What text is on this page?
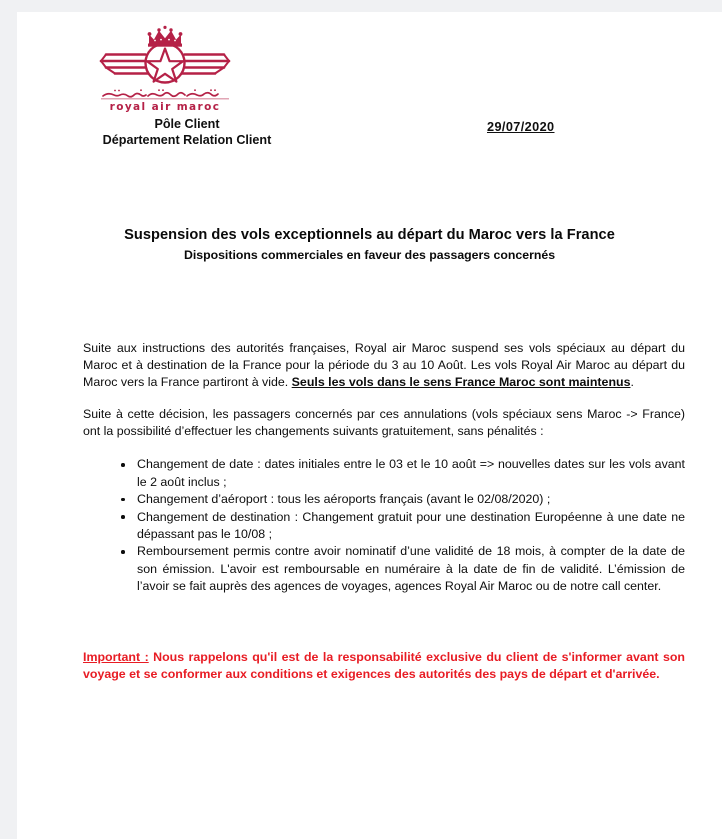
royal air maroc
Pôle Client
Département Relation Client
29/07/2020
Suspension des vols exceptionnels au départ du Maroc vers la France
Dispositions commerciales en faveur des passagers concernés

Suite aux instructions des autorités françaises, Royal air Maroc suspend ses vols spéciaux au départ du Maroc et à destination de la France pour la période du 3 au 10 Août. Les vols Royal Air Maroc au départ du Maroc vers la France partiront à vide. Seuls les vols dans le sens France Maroc sont maintenus.

Suite à cette décision, les passagers concernés par ces annulations (vols spéciaux sens Maroc -> France) ont la possibilité d’effectuer les changements suivants gratuitement, sans pénalités :

Changement de date : dates initiales entre le 03 et le 10 août => nouvelles dates sur les vols avant le 2 août inclus ;
Changement d’aéroport : tous les aéroports français (avant le 02/08/2020) ;
Changement de destination : Changement gratuit pour une destination Européenne à une date ne dépassant pas le 10/08 ;
Remboursement permis contre avoir nominatif d’une validité de 18 mois, à compter de la date de son émission. L'avoir est remboursable en numéraire à la date de fin de validité. L’émission de l’avoir se fait auprès des agences de voyages, agences Royal Air Maroc ou de notre call center.

Important : Nous rappelons qu'il est de la responsabilité exclusive du client de s'informer avant son voyage et se conformer aux conditions et exigences des autorités des pays de départ et d'arrivée.
